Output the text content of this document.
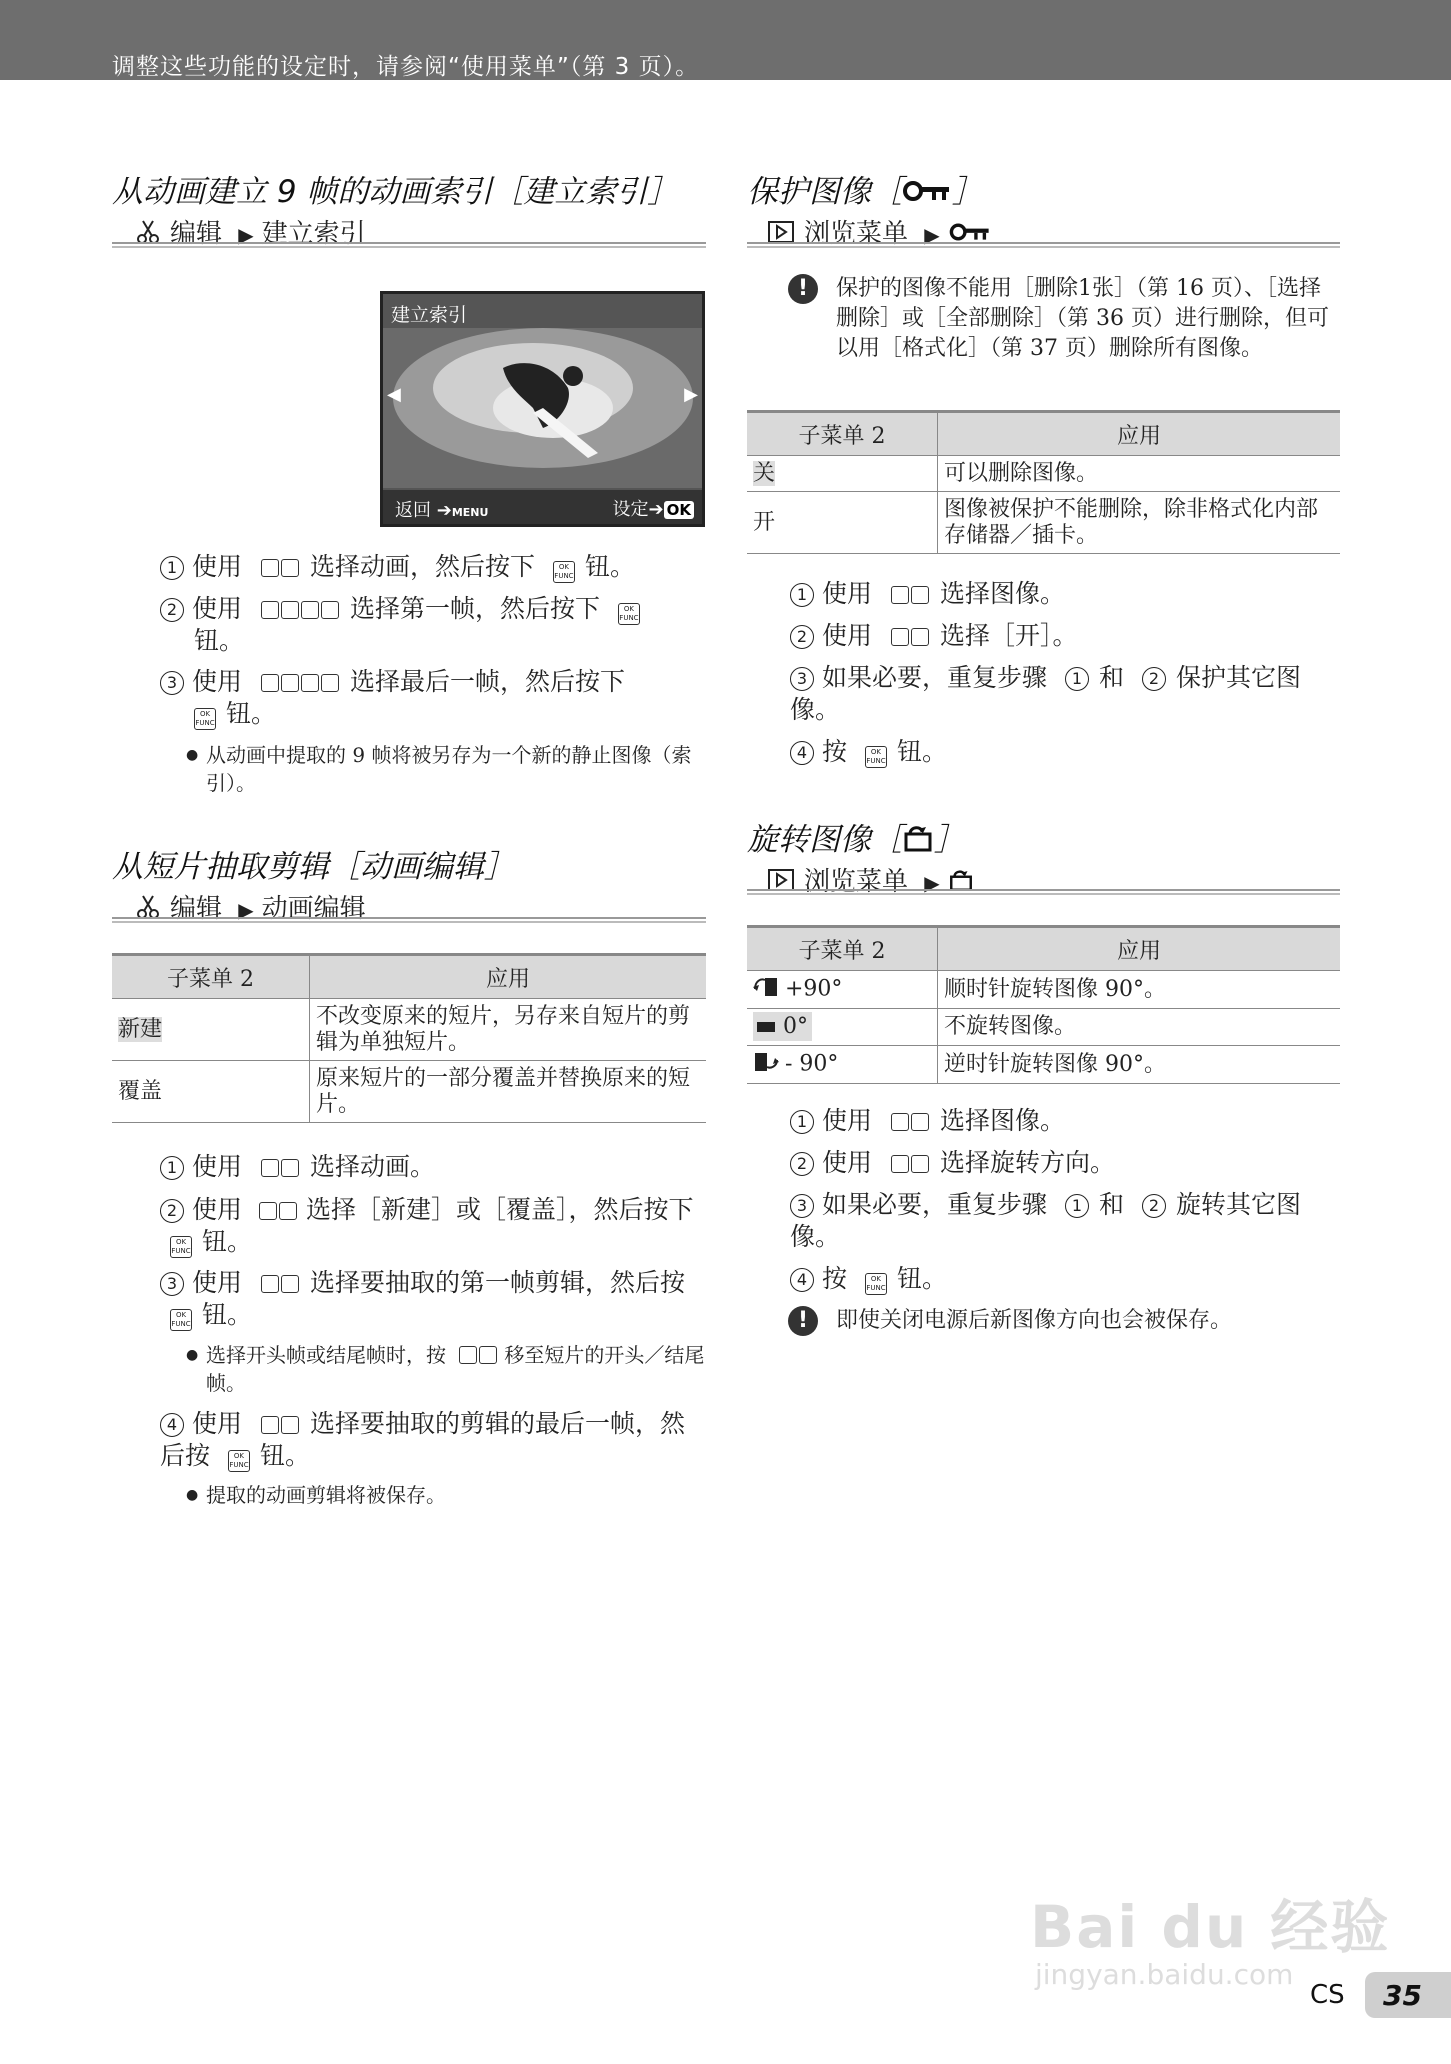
调整这些功能的设定时，请参阅“使用菜单”（第 3 页）。
从动画建立 9 帧的动画索引［建立索引］
编辑 ▶ 建立索引
建立索引
◀	▶
返回 ➔MENU	设定➔ OK
1 使用	选择动画，然后按下	OK
FUNC 钮。
2 使用	选择第一帧，然后按下	OK
FUNC
钮。
3 使用	选择最后一帧，然后按下
OK
FUNC 钮。
● 从动画中提取的 9 帧将被另存为一个新的静止图像（索引）。
从短片抽取剪辑［动画编辑］
编辑 ▶ 动画编辑
子菜单 2	应用
新建	不改变原来的短片，另存来自短片的剪辑为单独短片。
覆盖	原来短片的一部分覆盖并替换原来的短片。
1 使用	选择动画。
2 使用	选择［新建］或［覆盖］，然后按下 OK
FUNC 钮。
3 使用	选择要抽取的第一帧剪辑，然后按 OK
FUNC 钮。
● 选择开头帧或结尾帧时，按	移至短片的开头／结尾帧。
4 使用	选择要抽取的剪辑的最后一帧，然后按	OK
FUNC 钮。
● 提取的动画剪辑将被保存。
保护图像［ ］
浏览菜单 ▶
!	保护的图像不能用［删除1张］（第 16 页）、［选择删除］或［全部删除］（第 36 页）进行删除，但可以用［格式化］（第 37 页）删除所有图像。
子菜单 2	应用
关	可以删除图像。
开	图像被保护不能删除，除非格式化内部存储器／插卡。
1 使用	选择图像。
2 使用	选择［开］。
3 如果必要，重复步骤 1 和 2 保护其它图像。
4 按	OK
FUNC 钮。
旋转图像［ ］
浏览菜单 ▶
子菜单 2	应用
+90°	顺时针旋转图像 90°。
0°	不旋转图像。
- 90°	逆时针旋转图像 90°。
1 使用	选择图像。
2 使用	选择旋转方向。
3 如果必要，重复步骤 1 和 2 旋转其它图像。
4 按	OK
FUNC 钮。
!	即使关闭电源后新图像方向也会被保存。
Bai du 经验
jingyan.baidu.com
CS 35
